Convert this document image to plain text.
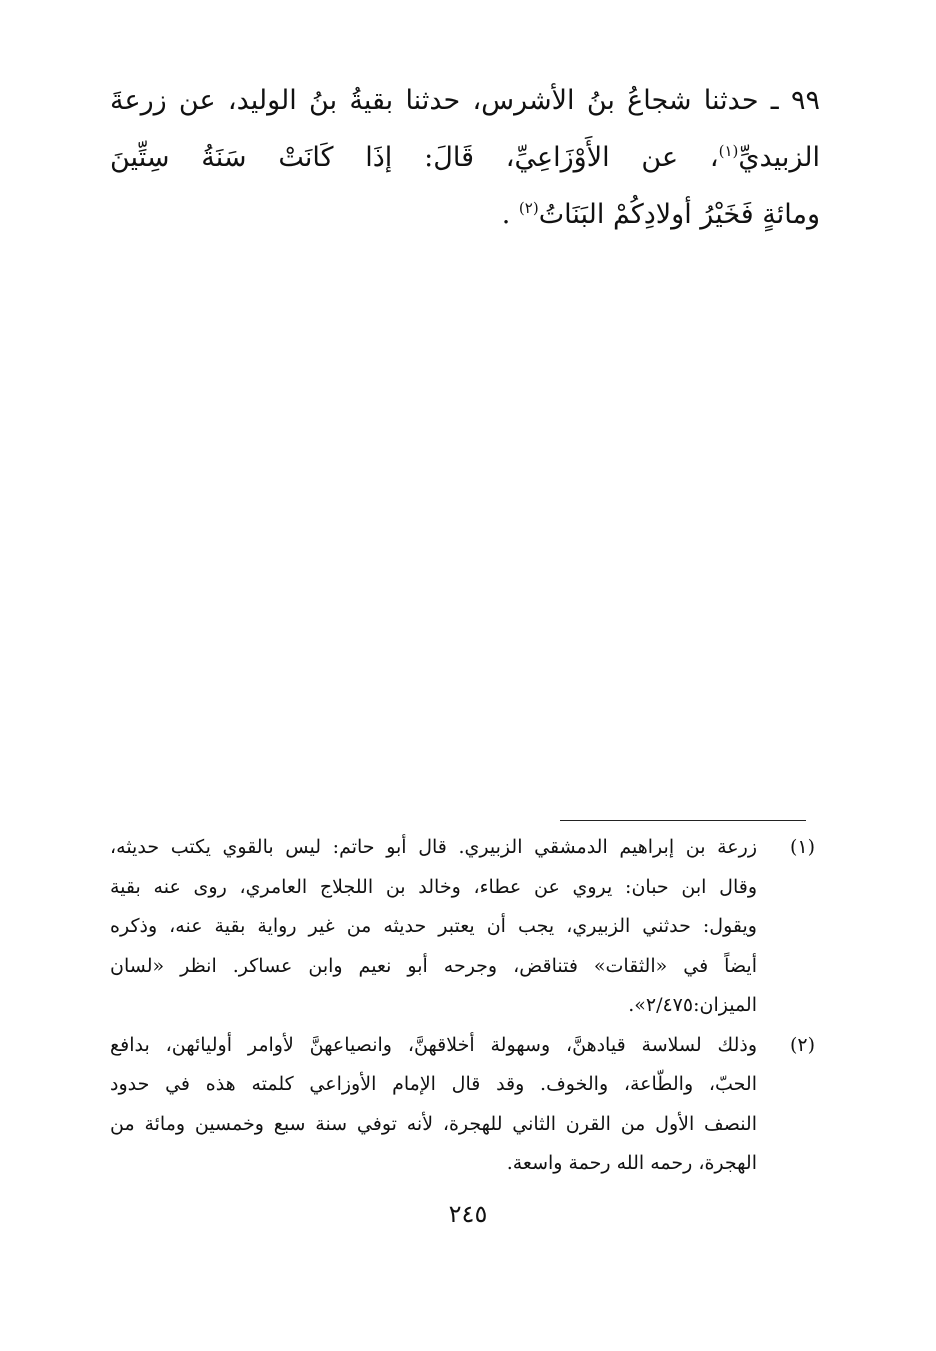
٩٩ ـ حدثنا شجاعُ بنُ الأشرس، حدثنا بقيةُ بنُ الوليد، عن زرعةَ
الزبيديِّ$^{(١)}$، عن الأَوْزَاعِيِّ، قَالَ: إذَا كَانَتْ سَنَةُ سِتِّينَ
ومائةٍ فَخَيْرُ أولادِكُمْ البَنَاتُ$^{(٢)}$ .
(١)
زرعة بن إبراهيم الدمشقي الزبيري. قال أبو حاتم: ليس بالقوي يكتب حديثه،
وقال ابن حبان: يروي عن عطاء، وخالد بن اللجلاج العامري، روى عنه بقية
ويقول: حدثني الزبيري، يجب أن يعتبر حديثه من غير رواية بقية عنه، وذكره
أيضاً في «الثقات» فتناقض، وجرحه أبو نعيم وابن عساكر. انظر «لسان
الميزان:٢/٤٧٥».
(٢)
وذلك لسلاسة قيادهنَّ، وسهولة أخلاقهنَّ، وانصياعهنَّ لأوامر أوليائهن، بدافع
الحبّ، والطّاعة، والخوف. وقد قال الإمام الأوزاعي كلمته هذه في حدود
النصف الأول من القرن الثاني للهجرة، لأنه توفي سنة سبع وخمسين ومائة من
الهجرة، رحمه الله رحمة واسعة.
٢٤٥
